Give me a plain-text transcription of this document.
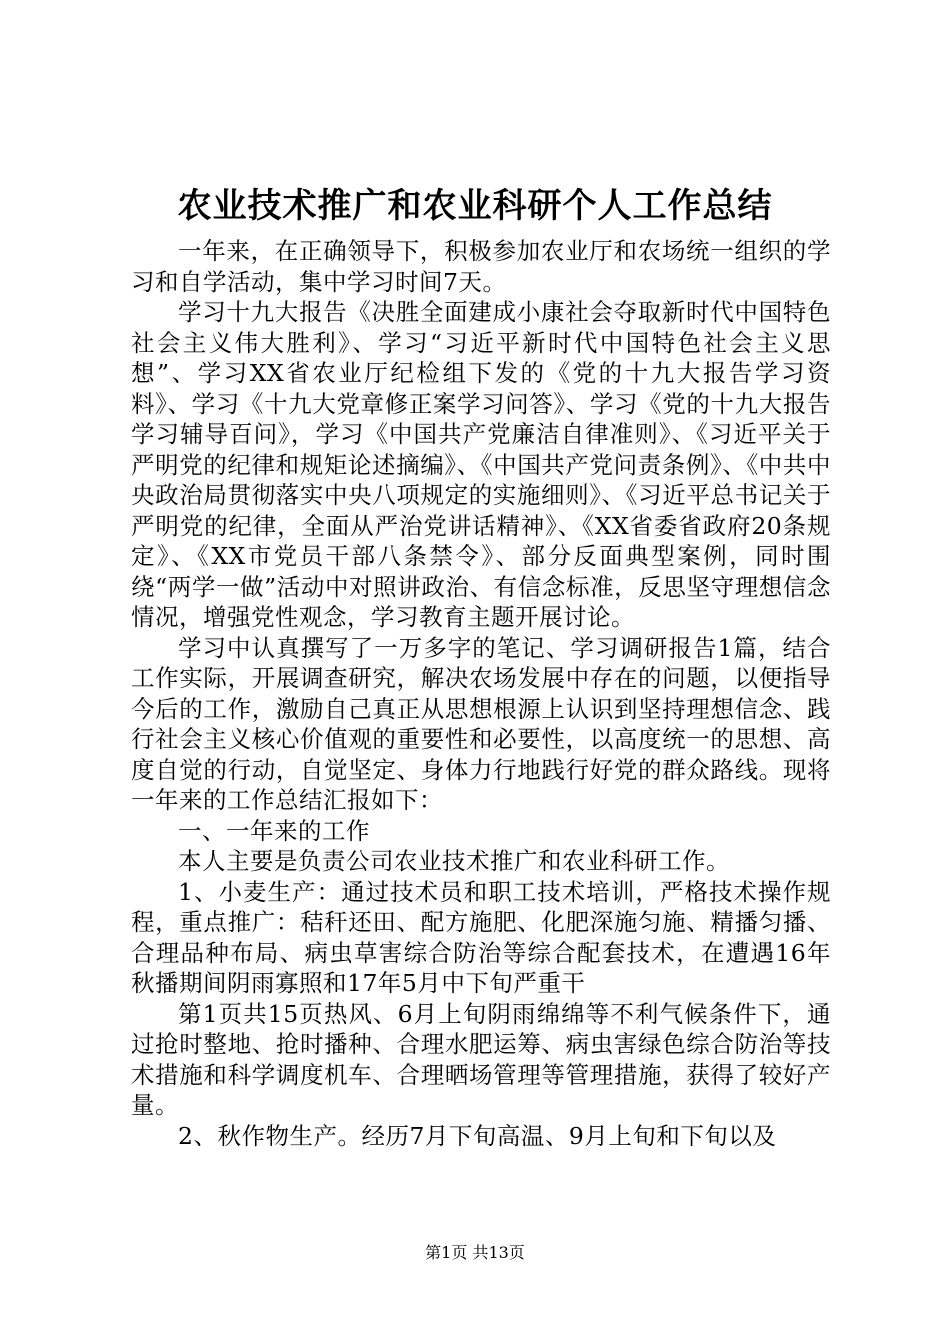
农业技术推广和农业科研个人工作总结

一年来，在正确领导下，积极参加农业厅和农场统一组织的学习和自学活动，集中学习时间7天。

学习十九大报告《决胜全面建成小康社会夺取新时代中国特色社会主义伟大胜利》、学习“习近平新时代中国特色社会主义思想”、学习XX省农业厅纪检组下发的《党的十九大报告学习资料》、学习《十九大党章修正案学习问答》、学习《党的十九大报告学习辅导百问》，学习《中国共产党廉洁自律准则》、《习近平关于严明党的纪律和规矩论述摘编》、《中国共产党问责条例》、《中共中央政治局贯彻落实中央八项规定的实施细则》、《习近平总书记关于严明党的纪律，全面从严治党讲话精神》、《XX省委省政府20条规定》、《XX市党员干部八条禁令》、部分反面典型案例，同时围绕“两学一做”活动中对照讲政治、有信念标准，反思坚守理想信念情况，增强党性观念，学习教育主题开展讨论。

学习中认真撰写了一万多字的笔记、学习调研报告1篇，结合工作实际，开展调查研究，解决农场发展中存在的问题，以便指导今后的工作，激励自己真正从思想根源上认识到坚持理想信念、践行社会主义核心价值观的重要性和必要性，以高度统一的思想、高度自觉的行动，自觉坚定、身体力行地践行好党的群众路线。现将一年来的工作总结汇报如下：

一、一年来的工作

本人主要是负责公司农业技术推广和农业科研工作。

1、小麦生产：通过技术员和职工技术培训，严格技术操作规程，重点推广：秸秆还田、配方施肥、化肥深施匀施、精播匀播、合理品种布局、病虫草害综合防治等综合配套技术，在遭遇16年秋播期间阴雨寡照和17年5月中下旬严重干

第1页共15页热风、6月上旬阴雨绵绵等不利气候条件下，通过抢时整地、抢时播种、合理水肥运筹、病虫害绿色综合防治等技术措施和科学调度机车、合理晒场管理等管理措施，获得了较好产量。

2、秋作物生产。经历7月下旬高温、9月上旬和下旬以及

第1页 共13页
